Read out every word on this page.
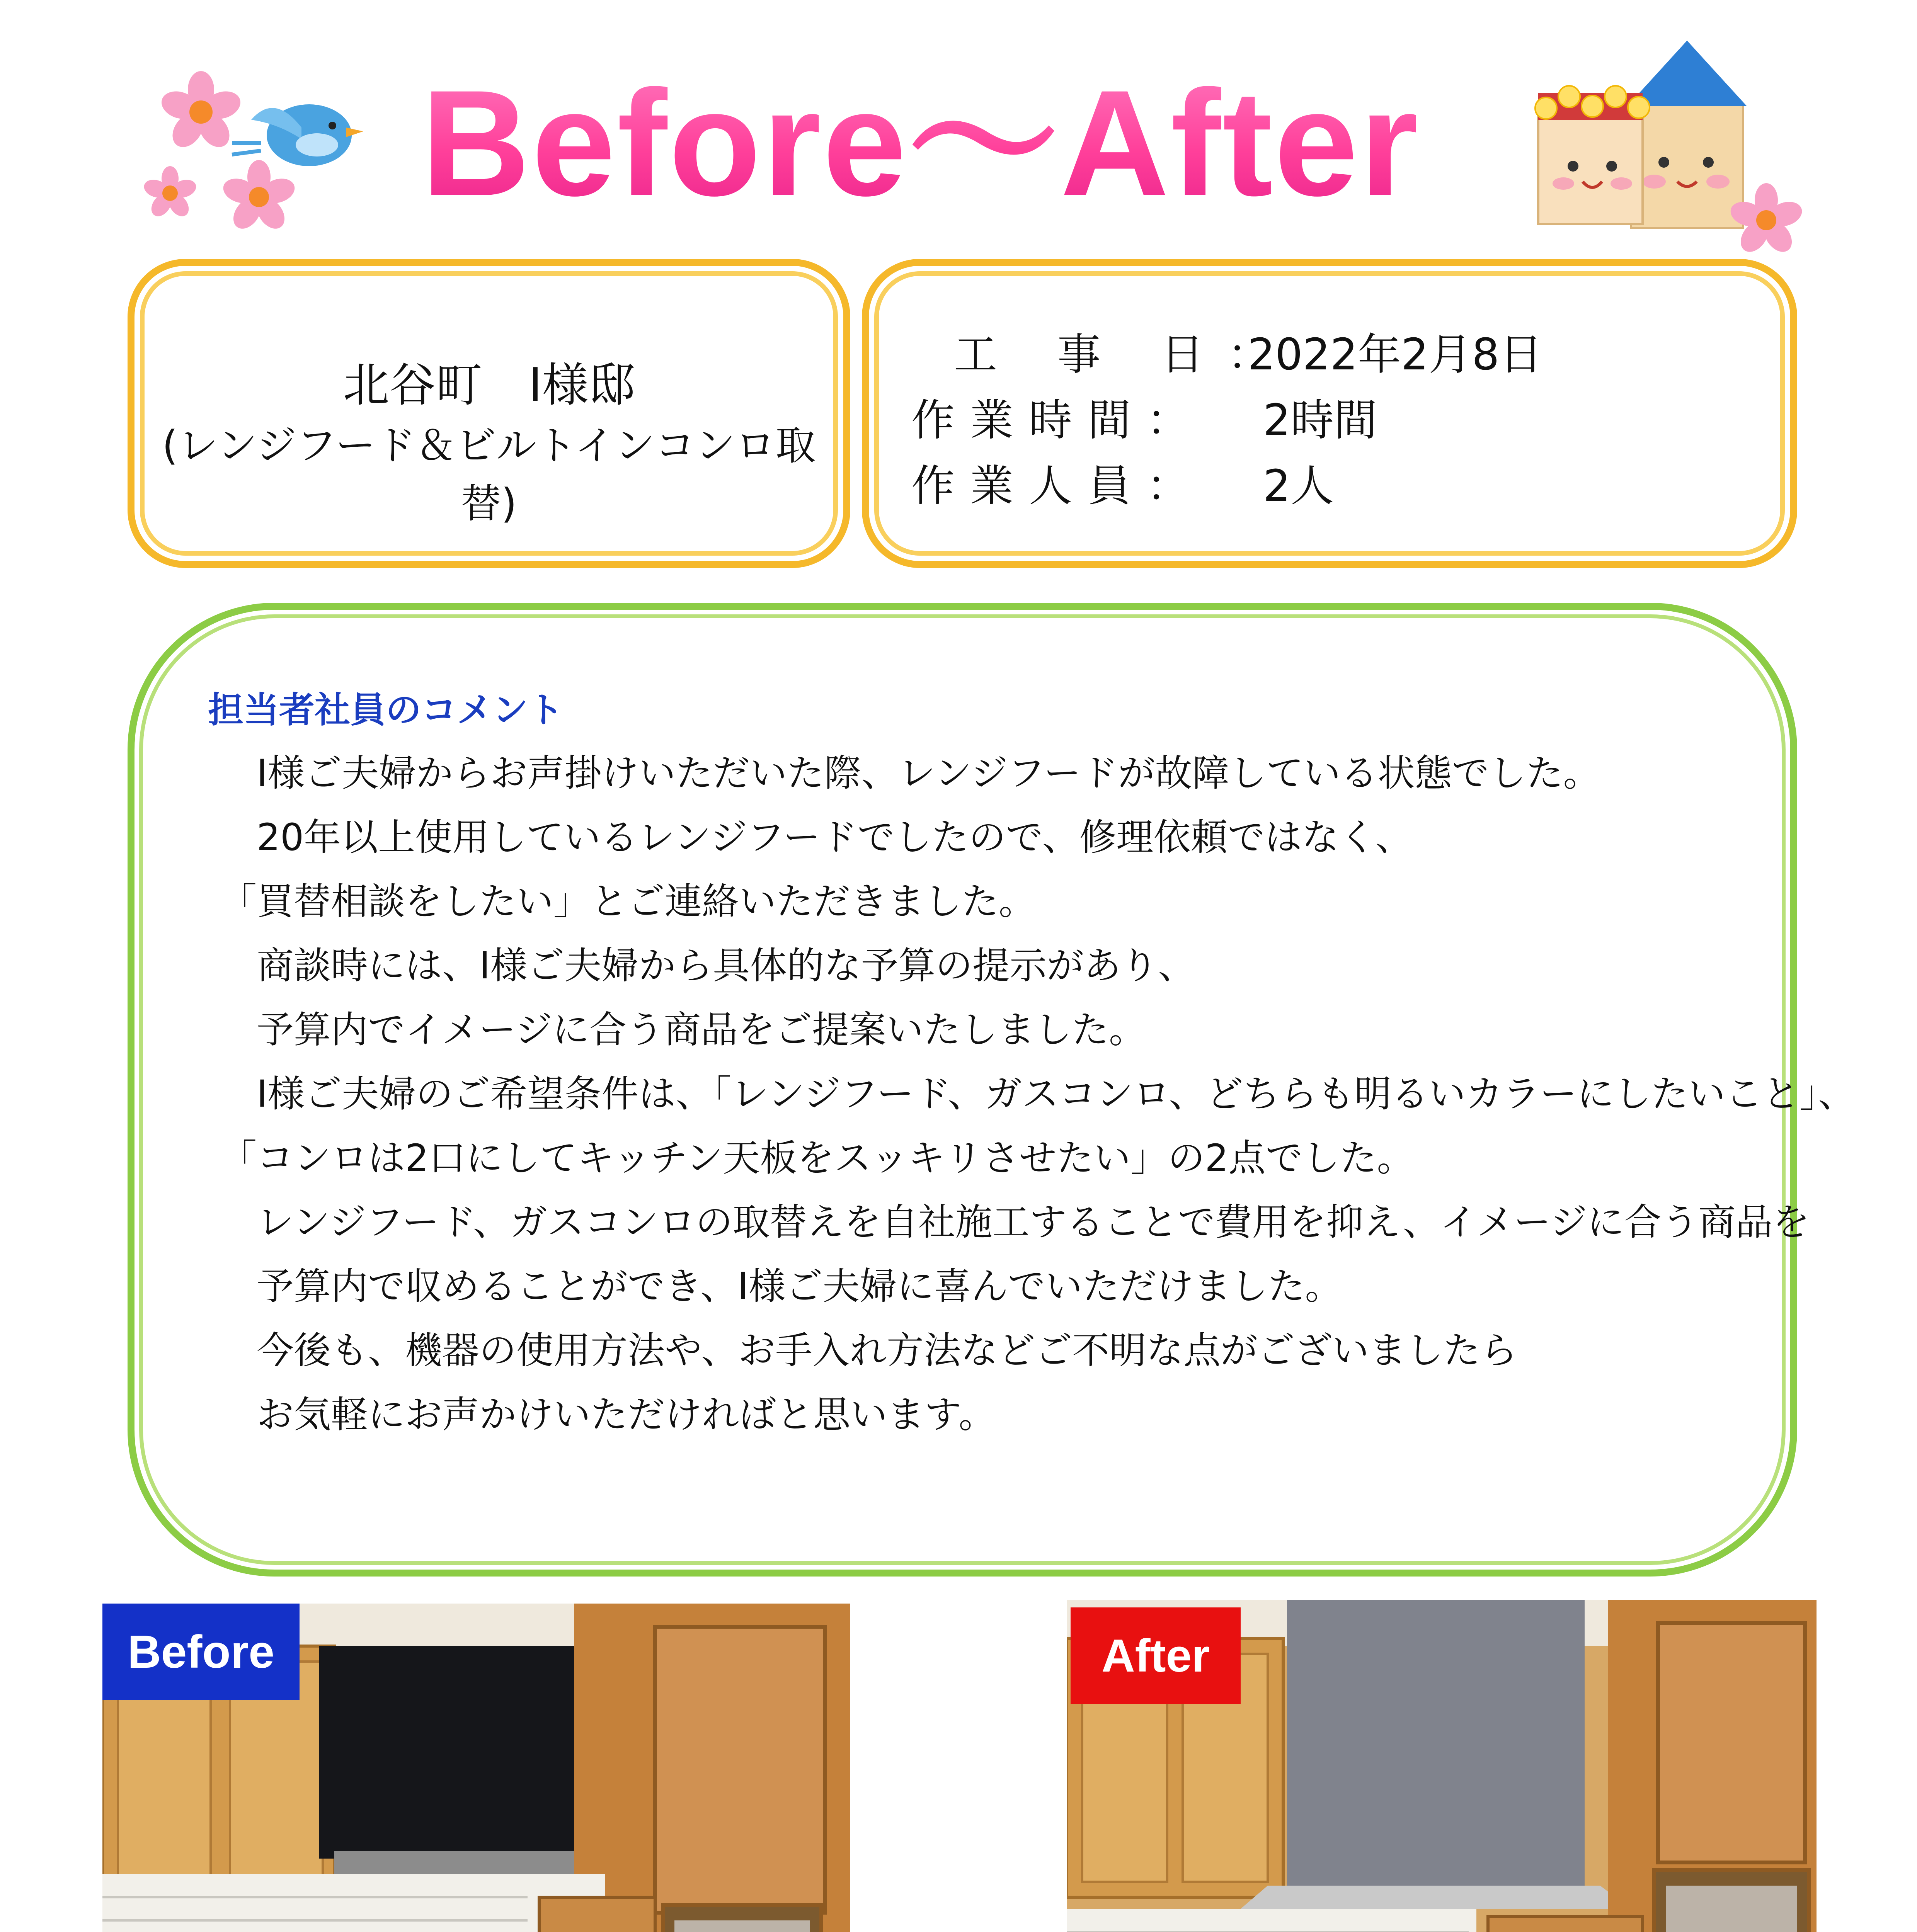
Before～After
北谷町　I様邸
(レンジフード＆ビルトインコンロ取替)
工 事 日：2022年2月8日
作業時間： 2時間
作業人員： 2人
担当者社員のコメント
　I様ご夫婦からお声掛けいただいた際、レンジフードが故障している状態でした。
　20年以上使用しているレンジフードでしたので、修理依頼ではなく、
「買替相談をしたい」とご連絡いただきました。
　商談時には、I様ご夫婦から具体的な予算の提示があり、
　予算内でイメージに合う商品をご提案いたしました。
　I様ご夫婦のご希望条件は、「レンジフード、ガスコンロ、どちらも明るいカラーにしたいこと」、
「コンロは2口にしてキッチン天板をスッキリさせたい」の2点でした。
　レンジフード、ガスコンロの取替えを自社施工することで費用を抑え、イメージに合う商品を
　予算内で収めることができ、I様ご夫婦に喜んでいただけました。
　今後も、機器の使用方法や、お手入れ方法などご不明な点がございましたら
　お気軽にお声かけいただければと思います。
Before	After
